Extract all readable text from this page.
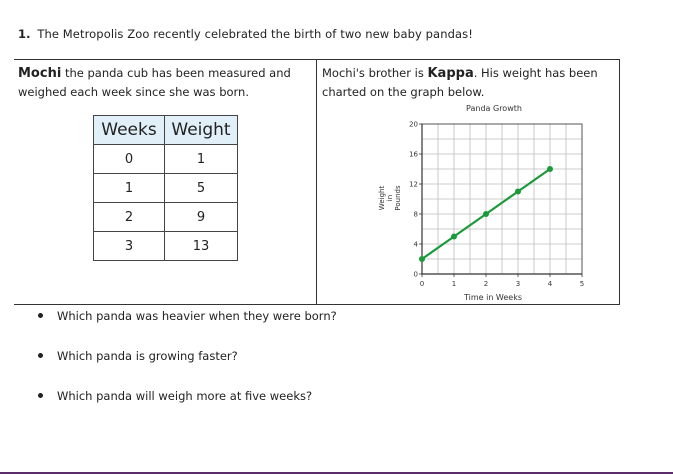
1. The Metropolis Zoo recently celebrated the birth of two new baby pandas!
Mochi the panda cub has been measured and weighed each week since she was born.
Weeks	Weight
0	1
1	5
2	9
3	13
Mochi's brother is Kappa. His weight has been charted on the graph below.
Panda Growth
0	1	2	3	4	5
0
4
8
12
16
20
Time in Weeks
Weight in Pounds
Which panda was heavier when they were born?
Which panda is growing faster?
Which panda will weigh more at five weeks?
